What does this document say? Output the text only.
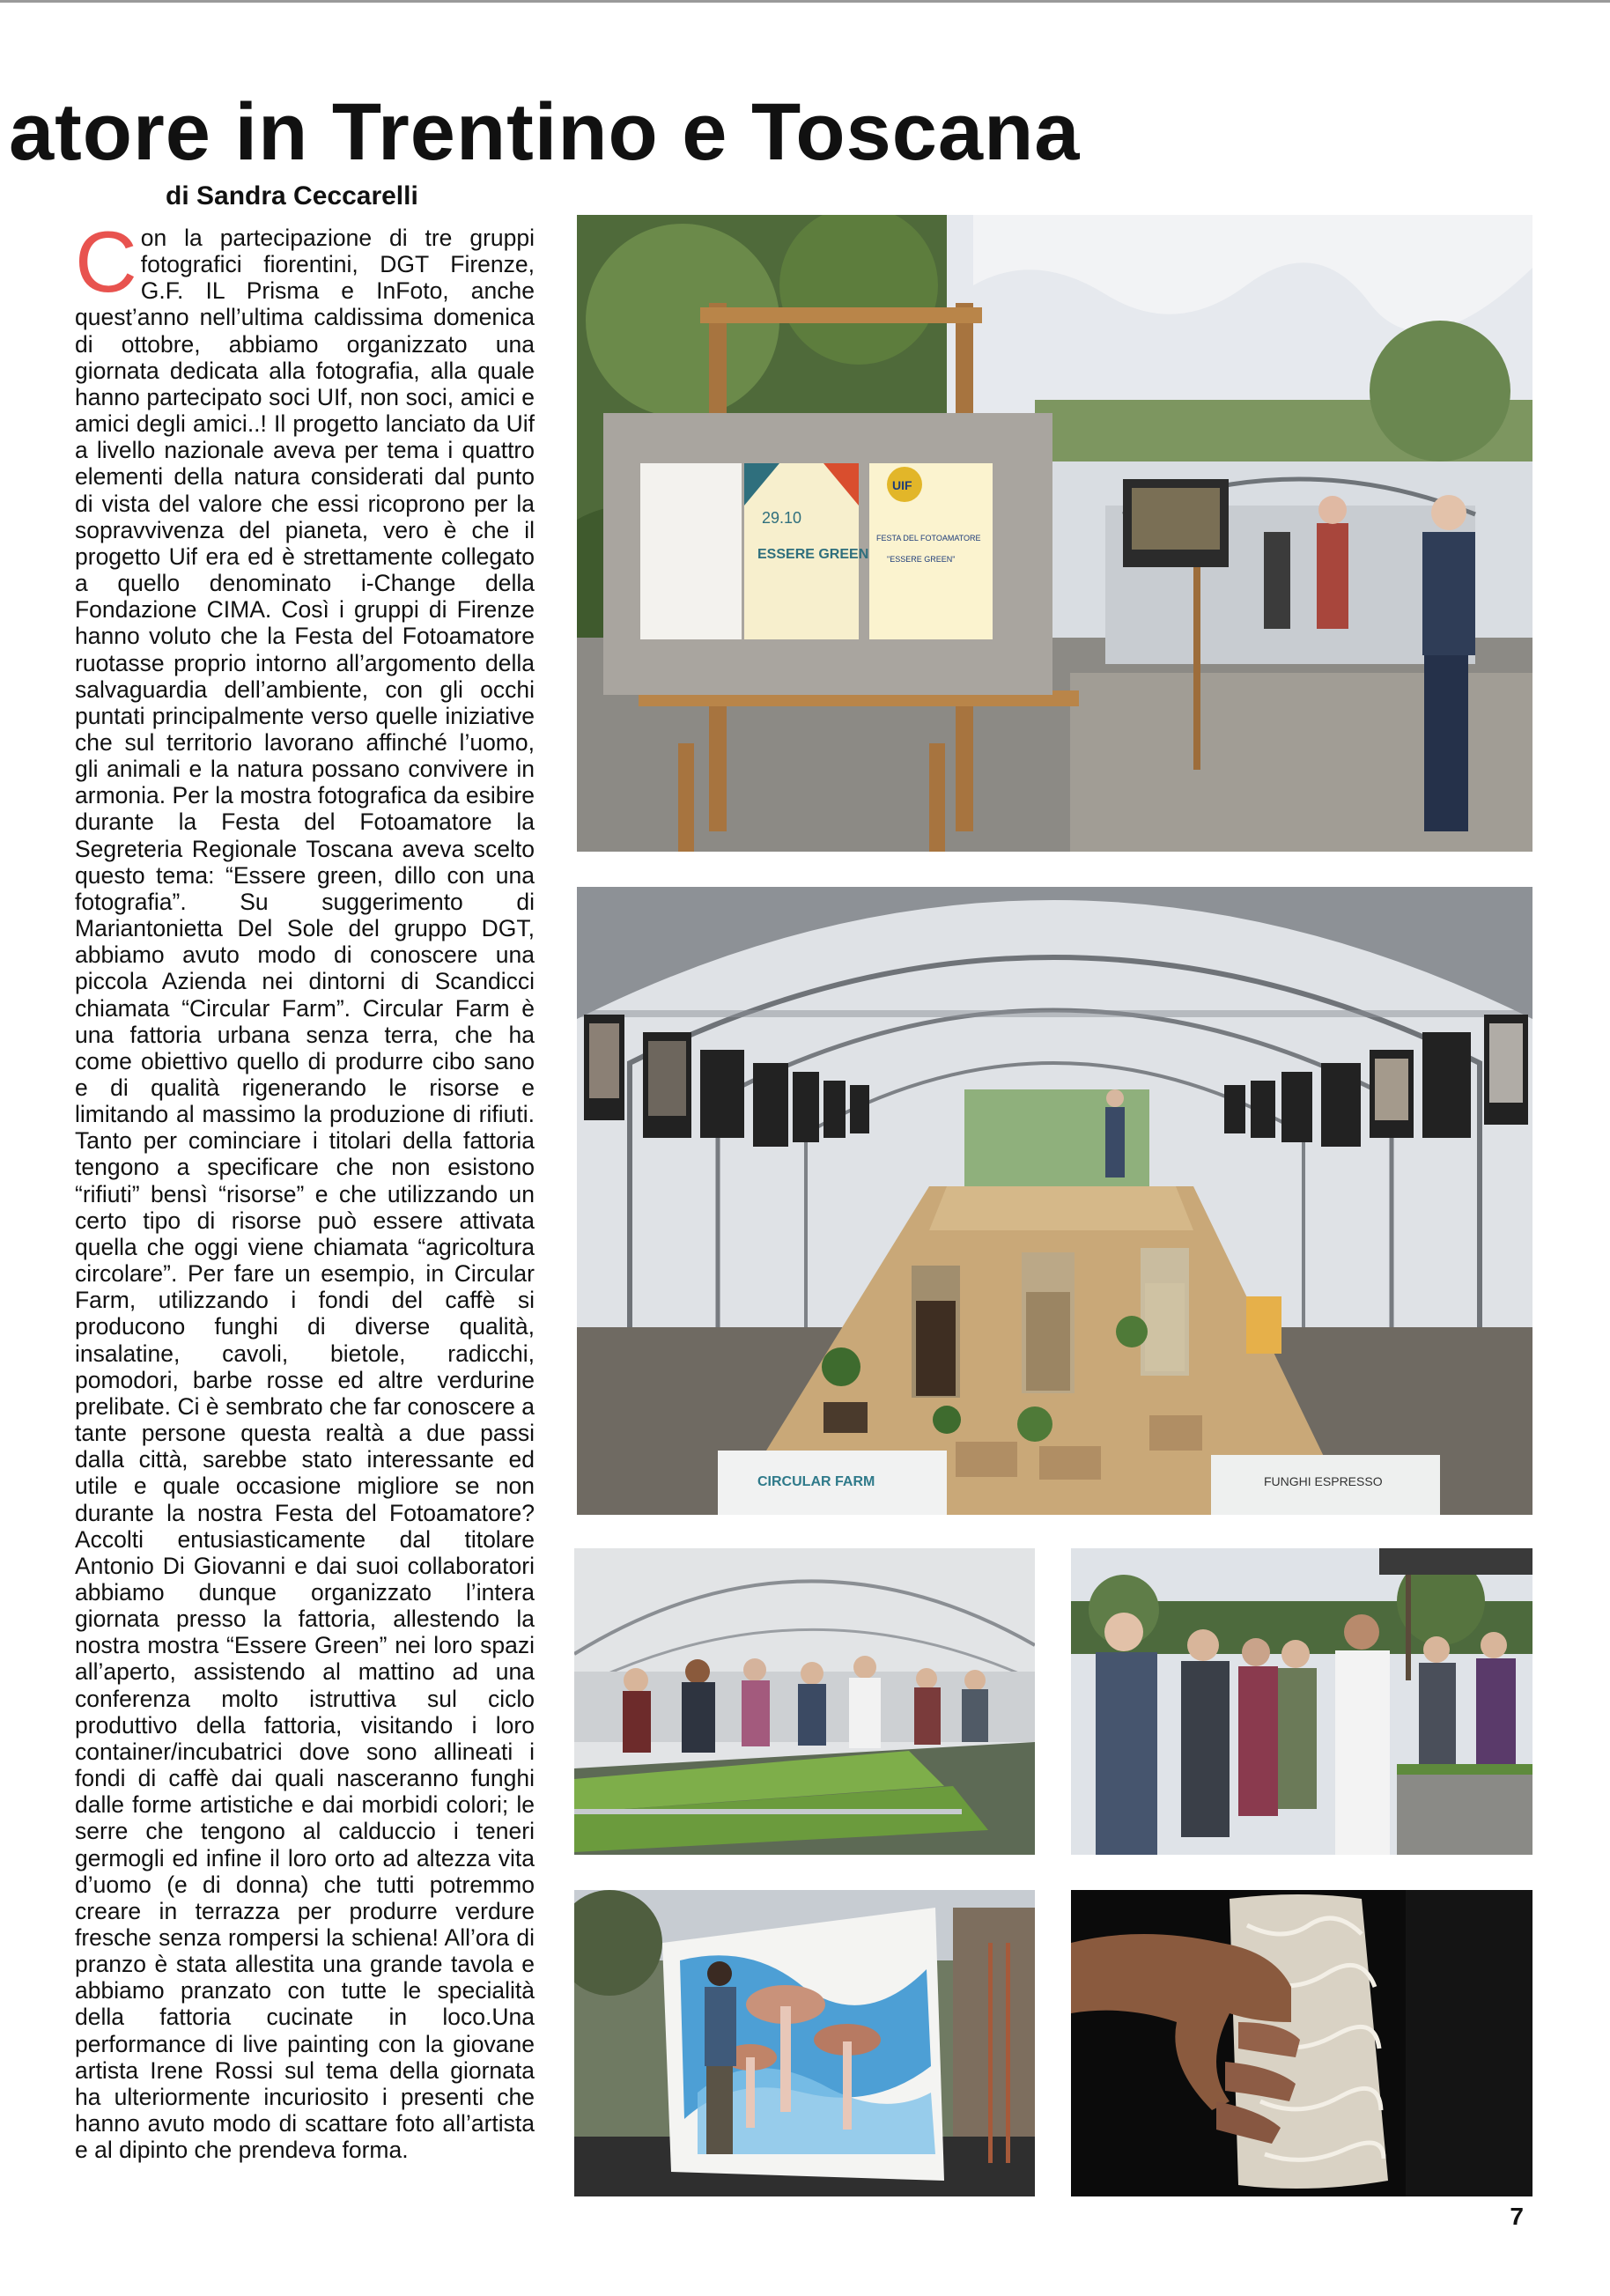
atore in Trentino e Toscana

di Sandra Ceccarelli

Con la partecipazione di tre gruppi fotografici fiorentini, DGT Firenze, G.F. IL Prisma e InFoto, anche quest’anno nell’ultima caldissima domenica di ottobre, abbiamo organizzato una giornata dedicata alla fotografia, alla quale hanno partecipato soci UIf, non soci, amici e amici degli amici..! Il progetto lanciato da Uif a livello nazionale aveva per tema i quattro elementi della natura considerati dal punto di vista del valore che essi ricoprono per la sopravvivenza del pianeta, vero è che il progetto Uif era ed è strettamente collegato a quello denominato i-Change della Fondazione CIMA. Così i gruppi di Firenze hanno voluto che la Festa del Fotoamatore ruotasse proprio intorno all’argomento della salvaguardia dell’ambiente, con gli occhi puntati principalmente verso quelle iniziative che sul territorio lavorano affinché l’uomo, gli animali e la natura possano convivere in armonia. Per la mostra fotografica da esibire durante la Festa del Fotoamatore la Segreteria Regionale Toscana aveva scelto questo tema: “Essere green, dillo con una fotografia”. Su suggerimento di Mariantonietta Del Sole del gruppo DGT, abbiamo avuto modo di conoscere una piccola Azienda nei dintorni di Scandicci chiamata “Circular Farm”. Circular Farm è una fattoria urbana senza terra, che ha come obiettivo quello di produrre cibo sano e di qualità rigenerando le risorse e limitando al massimo la produzione di rifiuti. Tanto per cominciare i titolari della fattoria tengono a specificare che non esistono “rifiuti” bensì “risorse” e che utilizzando un certo tipo di risorse può essere attivata quella che oggi viene chiamata “agricoltura circolare”. Per fare un esempio, in Circular Farm, utilizzando i fondi del caffè si producono funghi di diverse qualità, insalatine, cavoli, bietole, radicchi, pomodori, barbe rosse ed altre verdurine prelibate. Ci è sembrato che far conoscere a tante persone questa realtà a due passi dalla città, sarebbe stato interessante ed utile e quale occasione migliore se non durante la nostra Festa del Fotoamatore? Accolti entusiasticamente dal titolare Antonio Di Giovanni e dai suoi collaboratori abbiamo dunque organizzato l’intera giornata presso la fattoria, allestendo la nostra mostra “Essere Green” nei loro spazi all’aperto, assistendo al mattino ad una conferenza molto istruttiva sul ciclo produttivo della fattoria, visitando i loro container/incubatrici dove sono allineati i fondi di caffè dai quali nasceranno funghi dalle forme artistiche e dai morbidi colori; le serre che tengono al calduccio i teneri germogli ed infine il loro orto ad altezza vita d’uomo (e di donna) che tutti potremmo creare in terrazza per produrre verdure fresche senza rompersi la schiena! All’ora di pranzo è stata allestita una grande tavola e abbiamo pranzato con tutte le specialità della fattoria cucinate in loco.Una performance di live painting con la giovane artista Irene Rossi sul tema della giornata ha ulteriormente incuriosito i presenti che hanno avuto modo di scattare foto all’artista e al dipinto che prendeva forma.

29.10
ESSERE GREEN
UIF
FESTA DEL FOTOAMATORE
"ESSERE GREEN"
CIRCULAR FARM	FUNGHI ESPRESSO

7
